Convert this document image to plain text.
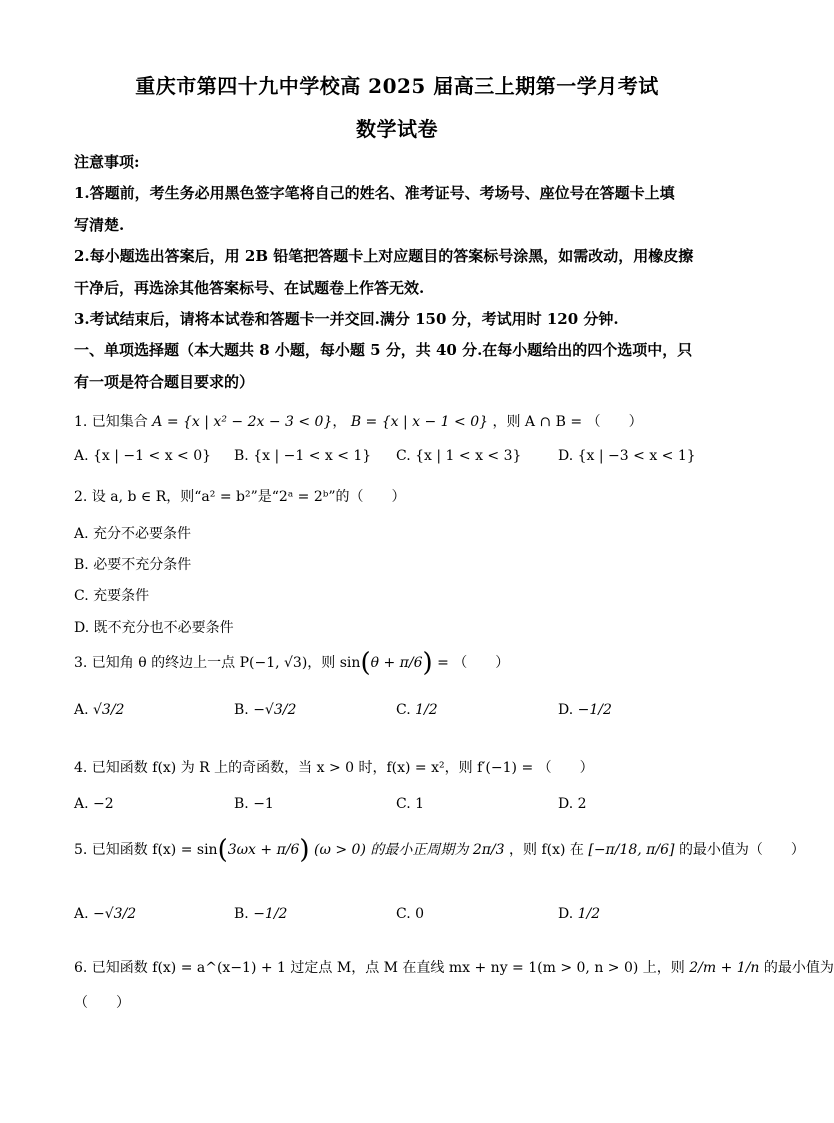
重庆市第四十九中学校高 2025 届高三上期第一学月考试
数学试卷
注意事项:
1.答题前，考生务必用黑色签字笔将自己的姓名、准考证号、考场号、座位号在答题卡上填
写清楚.
2.每小题选出答案后，用 2B 铅笔把答题卡上对应题目的答案标号涂黑，如需改动，用橡皮擦
干净后，再选涂其他答案标号、在试题卷上作答无效.
3.考试结束后，请将本试卷和答题卡一并交回.满分 150 分，考试用时 120 分钟.
一、单项选择题（本大题共 8 小题，每小题 5 分，共 40 分.在每小题给出的四个选项中，只
有一项是符合题目要求的）
1. 已知集合 A = {x | x² − 2x − 3 < 0}， B = {x | x − 1 < 0} ，则 A ∩ B = （　　）
A. {x | −1 < x < 0} B. {x | −1 < x < 1} C. {x | 1 < x < 3}	D. {x | −3 < x < 1}
2. 设 a, b ∈ R，则“a² = b²”是“2ᵃ = 2ᵇ”的（　　）
A. 充分不必要条件
B. 必要不充分条件
C. 充要条件
D. 既不充分也不必要条件
3. 已知角 θ 的终边上一点 P(−1, √3)，则 sin(θ + π/6) = （　　）
A. √3/2	B. −√3/2	C. 1/2	D. −1/2
4. 已知函数 f(x) 为 R 上的奇函数，当 x > 0 时，f(x) = x²，则 f′(−1) = （　　）
A. −2	B. −1	C. 1	D. 2
5. 已知函数 f(x) = sin(3ωx + π/6) (ω > 0) 的最小正周期为 2π/3 ，则 f(x) 在 [−π/18, π/6] 的最小值为（　　）
A. −√3/2	B. −1/2	C. 0	D. 1/2
6. 已知函数 f(x) = a^(x−1) + 1 过定点 M，点 M 在直线 mx + ny = 1(m > 0, n > 0) 上，则 2/m + 1/n 的最小值为
（　　）
